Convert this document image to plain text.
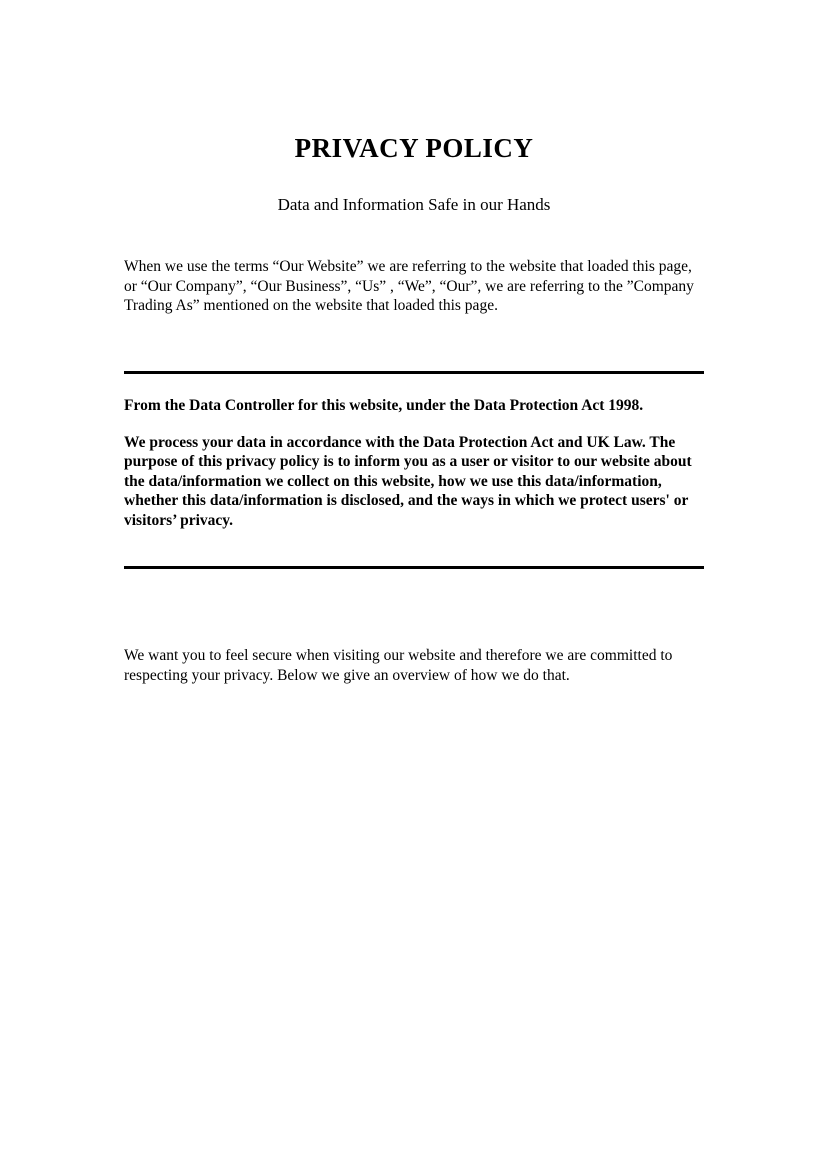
PRIVACY POLICY
Data and Information Safe in our Hands

When we use the terms “Our Website” we are referring to the website that loaded this page, or “Our Company”, “Our Business”, “Us” , “We”, “Our”, we are referring to the ”Company Trading As” mentioned on the website that loaded this page.

From the Data Controller for this website, under the Data Protection Act 1998.

We process your data in accordance with the Data Protection Act and UK Law. The purpose of this privacy policy is to inform you as a user or visitor to our website about the data/information we collect on this website, how we use this data/information, whether this data/information is disclosed, and the ways in which we protect users' or visitors’ privacy.

We want you to feel secure when visiting our website and therefore we are committed to respecting your privacy. Below we give an overview of how we do that.
